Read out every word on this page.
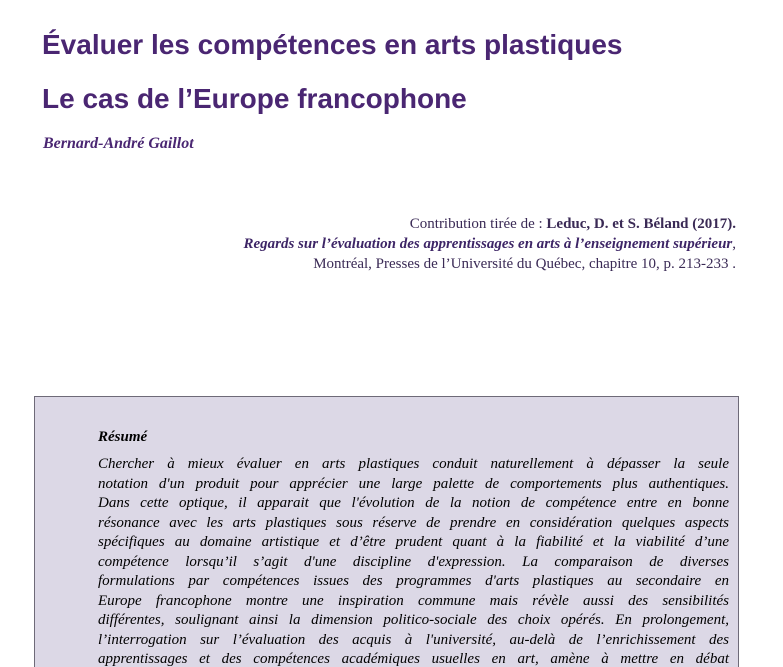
Évaluer les compétences en arts plastiques
Le cas de l’Europe francophone
Bernard-André Gaillot
Contribution tirée de : Leduc, D. et S. Béland (2017).
Regards sur l’évaluation des apprentissages en arts à l’enseignement supérieur,
Montréal, Presses de l’Université du Québec, chapitre 10, p. 213-233 .
Résumé

Chercher à mieux évaluer en arts plastiques conduit naturellement à dépasser la seule
notation d'un produit pour apprécier une large palette de comportements plus authentiques.
Dans cette optique, il apparait que l'évolution de la notion de compétence entre en bonne
résonance avec les arts plastiques sous réserve de prendre en considération quelques aspects
spécifiques au domaine artistique et d’être prudent quant à la fiabilité et la viabilité d’une
compétence lorsqu’il s’agit d'une discipline d'expression. La comparaison de diverses
formulations par compétences issues des programmes d'arts plastiques au secondaire en
Europe francophone montre une inspiration commune mais révèle aussi des sensibilités
différentes, soulignant ainsi la dimension politico-sociale des choix opérés. En prolongement,
l’interrogation sur l’évaluation des acquis à l'université, au-delà de l’enrichissement des
apprentissages et des compétences académiques usuelles en art, amène à mettre en débat
